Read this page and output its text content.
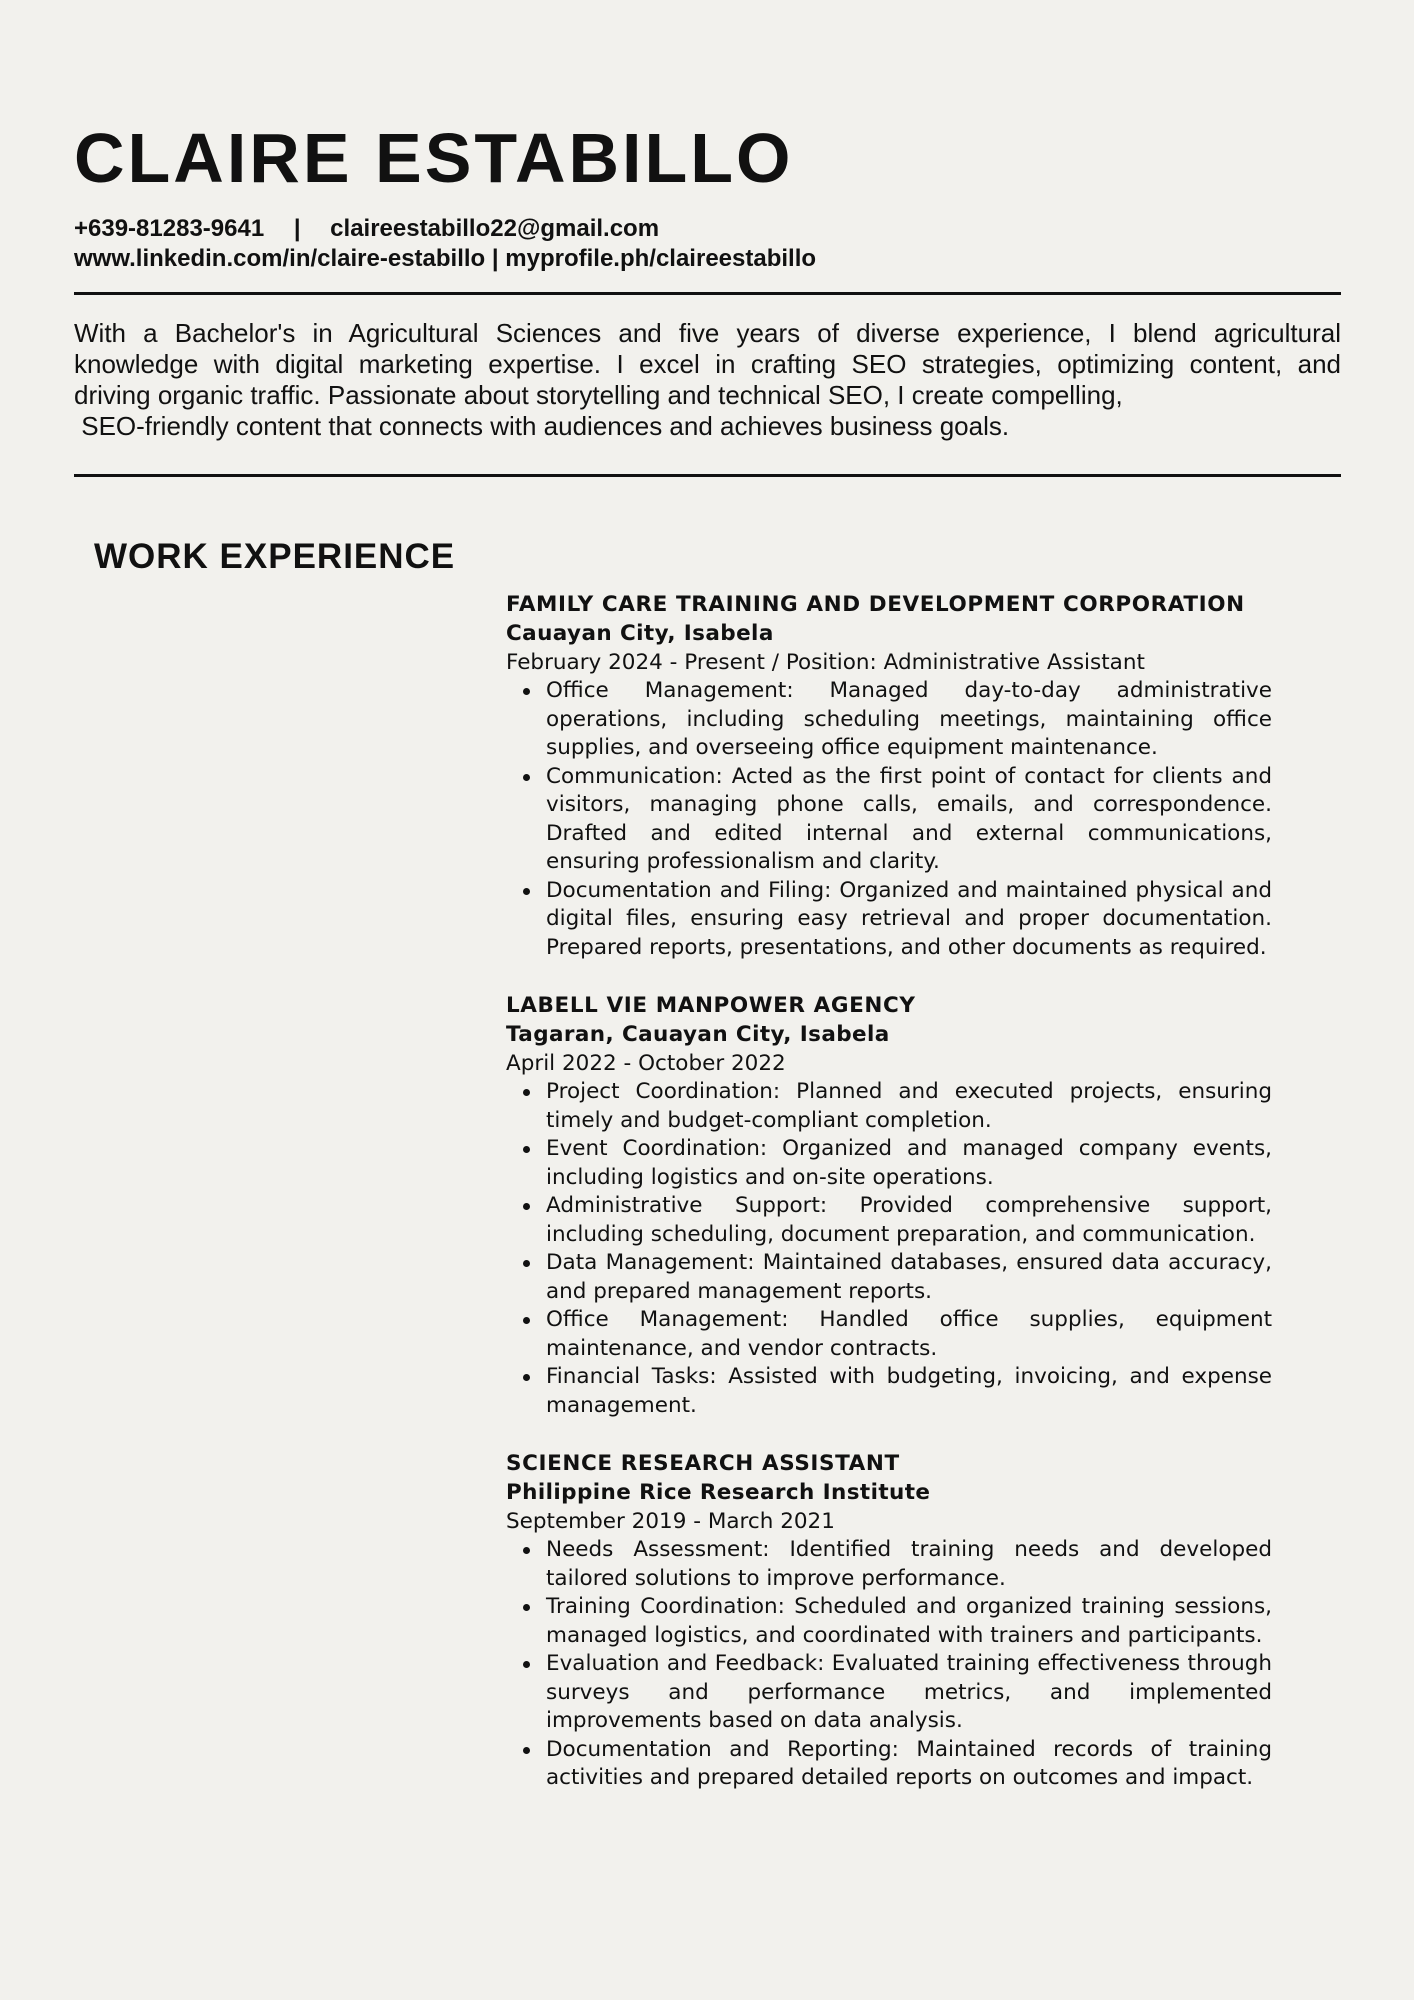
CLAIRE ESTABILLO
+639-81283-9641 | claireestabillo22@gmail.com
www.linkedin.com/in/claire-estabillo | myprofile.ph/claireestabillo
With a Bachelor's in Agricultural Sciences and five years of diverse experience, I blend agricultural
knowledge with digital marketing expertise. I excel in crafting SEO strategies, optimizing content, and
driving organic traffic. Passionate about storytelling and technical SEO, I create compelling,
SEO-friendly content that connects with audiences and achieves business goals.
WORK EXPERIENCE
FAMILY CARE TRAINING AND DEVELOPMENT CORPORATION
Cauayan City, Isabela
February 2024 - Present / Position: Administrative Assistant
Office Management: Managed day-to-day administrative operations, including scheduling meetings, maintaining office supplies, and overseeing office equipment maintenance.
Communication: Acted as the first point of contact for clients and visitors, managing phone calls, emails, and correspondence. Drafted and edited internal and external communications, ensuring professionalism and clarity.
Documentation and Filing: Organized and maintained physical and digital files, ensuring easy retrieval and proper documentation. Prepared reports, presentations, and other documents as required.
LABELL VIE MANPOWER AGENCY
Tagaran, Cauayan City, Isabela
April 2022 - October 2022
Project Coordination: Planned and executed projects, ensuring timely and budget-compliant completion.
Event Coordination: Organized and managed company events, including logistics and on-site operations.
Administrative Support: Provided comprehensive support, including scheduling, document preparation, and communication.
Data Management: Maintained databases, ensured data accuracy, and prepared management reports.
Office Management: Handled office supplies, equipment maintenance, and vendor contracts.
Financial Tasks: Assisted with budgeting, invoicing, and expense management.
SCIENCE RESEARCH ASSISTANT
Philippine Rice Research Institute
September 2019 - March 2021
Needs Assessment: Identified training needs and developed tailored solutions to improve performance.
Training Coordination: Scheduled and organized training sessions, managed logistics, and coordinated with trainers and participants.
Evaluation and Feedback: Evaluated training effectiveness through surveys and performance metrics, and implemented improvements based on data analysis.
Documentation and Reporting: Maintained records of training activities and prepared detailed reports on outcomes and impact.
